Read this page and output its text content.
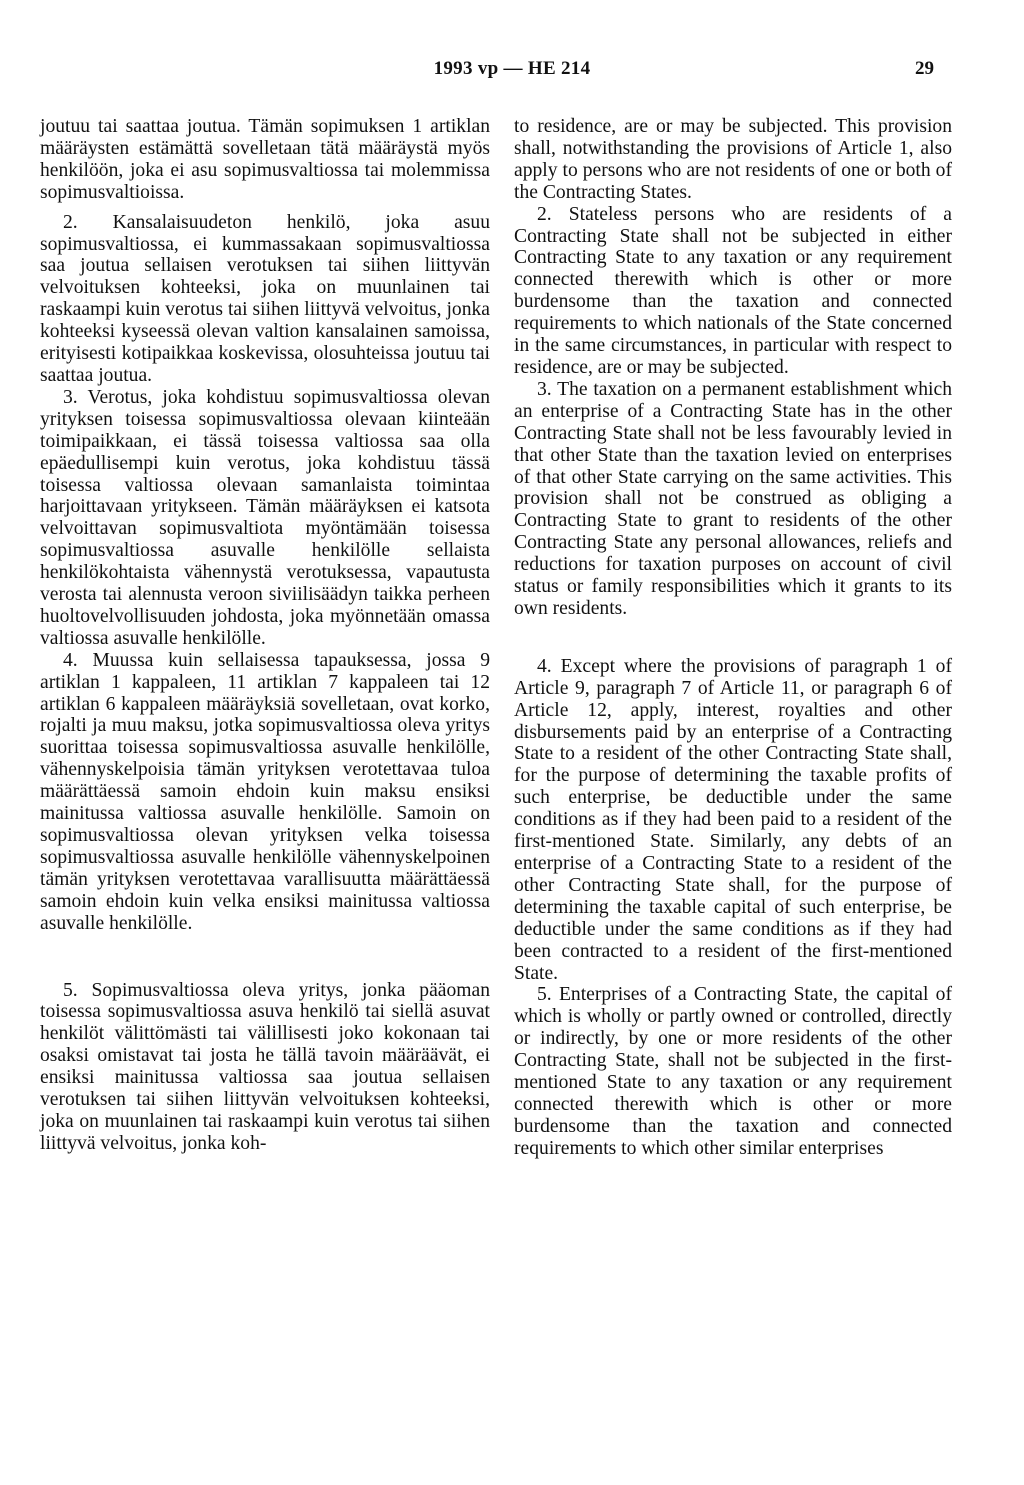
1993 vp — HE 214	29

joutuu tai saattaa joutua. Tämän sopimuksen 1 artiklan määräysten estämättä sovelletaan tätä määräystä myös henkilöön, joka ei asu sopimusvaltiossa tai molemmissa sopimusvaltioissa.

2. Kansalaisuudeton henkilö, joka asuu sopimusvaltiossa, ei kummassakaan sopimusvaltiossa saa joutua sellaisen verotuksen tai siihen liittyvän velvoituksen kohteeksi, joka on muunlainen tai raskaampi kuin verotus tai siihen liittyvä velvoitus, jonka kohteeksi kyseessä olevan valtion kansalainen samoissa, erityisesti kotipaikkaa koskevissa, olosuhteissa joutuu tai saattaa joutua.

3. Verotus, joka kohdistuu sopimusvaltiossa olevan yrityksen toisessa sopimusvaltiossa olevaan kiinteään toimipaikkaan, ei tässä toisessa valtiossa saa olla epäedullisempi kuin verotus, joka kohdistuu tässä toisessa valtiossa olevaan samanlaista toimintaa harjoittavaan yritykseen. Tämän määräyksen ei katsota velvoittavan sopimusvaltiota myöntämään toisessa sopimusvaltiossa asuvalle henkilölle sellaista henkilökohtaista vähennystä verotuksessa, vapautusta verosta tai alennusta veroon siviilisäädyn taikka perheen huoltovelvollisuuden johdosta, joka myönnetään omassa valtiossa asuvalle henkilölle.

4. Muussa kuin sellaisessa tapauksessa, jossa 9 artiklan 1 kappaleen, 11 artiklan 7 kappaleen tai 12 artiklan 6 kappaleen määräyksiä sovelletaan, ovat korko, rojalti ja muu maksu, jotka sopimusvaltiossa oleva yritys suorittaa toisessa sopimusvaltiossa asuvalle henkilölle, vähennyskelpoisia tämän yrityksen verotettavaa tuloa määrättäessä samoin ehdoin kuin maksu ensiksi mainitussa valtiossa asuvalle henkilölle. Samoin on sopimusvaltiossa olevan yrityksen velka toisessa sopimusvaltiossa asuvalle henkilölle vähennyskelpoinen tämän yrityksen verotettavaa varallisuutta määrättäessä samoin ehdoin kuin velka ensiksi mainitussa valtiossa asuvalle henkilölle.

5. Sopimusvaltiossa oleva yritys, jonka pääoman toisessa sopimusvaltiossa asuva henkilö tai siellä asuvat henkilöt välittömästi tai välillisesti joko kokonaan tai osaksi omistavat tai josta he tällä tavoin määräävät, ei ensiksi mainitussa valtiossa saa joutua sellaisen verotuksen tai siihen liittyvän velvoituksen kohteeksi, joka on muunlainen tai raskaampi kuin verotus tai siihen liittyvä velvoitus, jonka koh-

to residence, are or may be subjected. This provision shall, notwithstanding the provisions of Article 1, also apply to persons who are not residents of one or both of the Contracting States.

2. Stateless persons who are residents of a Contracting State shall not be subjected in either Contracting State to any taxation or any requirement connected therewith which is other or more burdensome than the taxation and connected requirements to which nationals of the State concerned in the same circumstances, in particular with respect to residence, are or may be subjected.

3. The taxation on a permanent establishment which an enterprise of a Contracting State has in the other Contracting State shall not be less favourably levied in that other State than the taxation levied on enterprises of that other State carrying on the same activities. This provision shall not be construed as obliging a Contracting State to grant to residents of the other Contracting State any personal allowances, reliefs and reductions for taxation purposes on account of civil status or family responsibilities which it grants to its own residents.

4. Except where the provisions of paragraph 1 of Article 9, paragraph 7 of Article 11, or paragraph 6 of Article 12, apply, interest, royalties and other disbursements paid by an enterprise of a Contracting State to a resident of the other Contracting State shall, for the purpose of determining the taxable profits of such enterprise, be deductible under the same conditions as if they had been paid to a resident of the first-mentioned State. Similarly, any debts of an enterprise of a Contracting State to a resident of the other Contracting State shall, for the purpose of determining the taxable capital of such enterprise, be deductible under the same conditions as if they had been contracted to a resident of the first-mentioned State.

5. Enterprises of a Contracting State, the capital of which is wholly or partly owned or controlled, directly or indirectly, by one or more residents of the other Contracting State, shall not be subjected in the first-mentioned State to any taxation or any requirement connected therewith which is other or more burdensome than the taxation and connected requirements to which other similar enterprises
